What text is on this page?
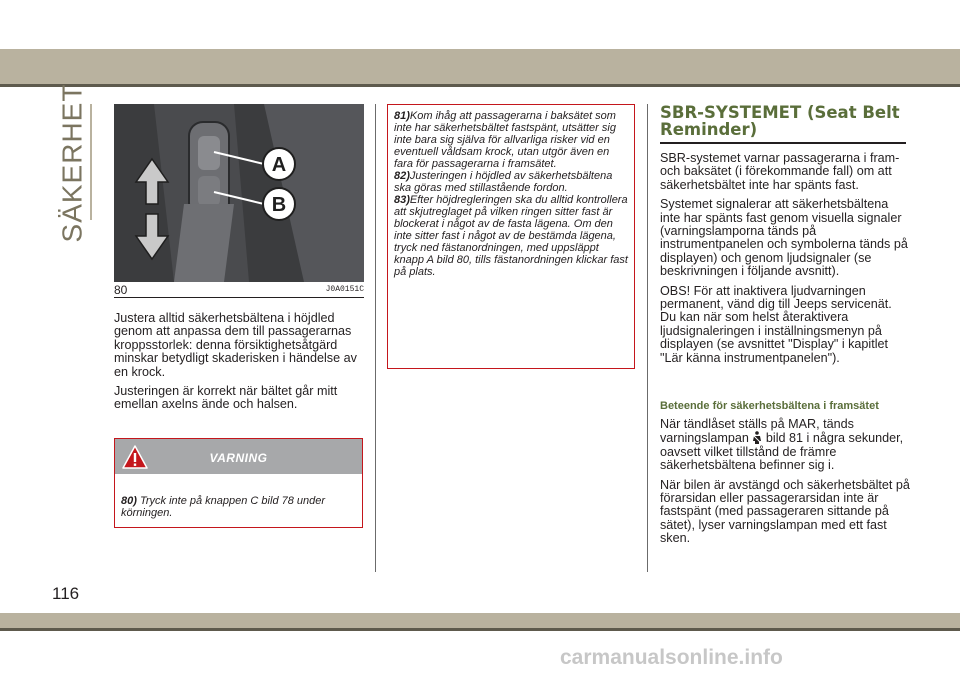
SÄKERHET	A
B
80	J0A0151C

Justera alltid säkerhetsbältena i höjdled genom att anpassa dem till passagerarnas kroppsstorlek: denna försiktighetsåtgärd minskar betydligt skaderisken i händelse av en krock.

Justeringen är korrekt när bältet går mitt emellan axelns ände och halsen.

VARNING
80) Tryck inte på knappen C bild 78 under körningen.

81)Kom ihåg att passagerarna i baksätet som inte har säkerhetsbältet fastspänt, utsätter sig inte bara sig själva för allvarliga risker vid en eventuell våldsam krock, utan utgör även en fara för passagerarna i framsätet.

82)Justeringen i höjdled av säkerhetsbältena ska göras med stillastående fordon.

83)Efter höjdregleringen ska du alltid kontrollera att skjutreglaget på vilken ringen sitter fast är blockerat i något av de fasta lägena. Om den inte sitter fast i något av de bestämda lägena, tryck ned fästanordningen, med uppsläppt knapp A bild 80, tills fästanordningen klickar fast på plats.

SBR-SYSTEMET (Seat Belt Reminder)

SBR-systemet varnar passagerarna i fram- och baksätet (i förekommande fall) om att säkerhetsbältet inte har spänts fast.

Systemet signalerar att säkerhetsbältena inte har spänts fast genom visuella signaler (varningslamporna tänds på instrumentpanelen och symbolerna tänds på displayen) och genom ljudsignaler (se beskrivningen i följande avsnitt).

OBS! För att inaktivera ljudvarningen permanent, vänd dig till Jeeps servicenät. Du kan när som helst återaktivera ljudsignaleringen i inställningsmenyn på displayen (se avsnittet "Display" i kapitlet "Lär känna instrumentpanelen").

Beteende för säkerhetsbältena i framsätet

När tändlåset ställs på MAR, tänds varningslampan bild 81 i några sekunder, oavsett vilket tillstånd de främre säkerhetsbältena befinner sig i.

När bilen är avstängd och säkerhetsbältet på förarsidan eller passagerarsidan inte är fastspänt (med passageraren sittande på sätet), lyser varningslampan med ett fast sken.

116
carmanualsonline.info
